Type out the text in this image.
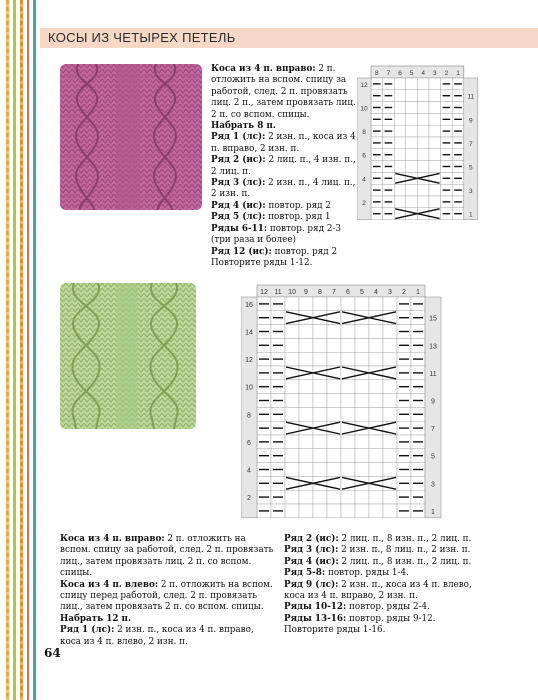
КОСЫ ИЗ ЧЕТЫРЕХ ПЕТЕЛЬ

Коса из 4 п. вправо: 2 п. отложить на вспом. спицу за работой, след. 2 п. провязать лиц. 2 п., затем провязать лиц. 2 п. со вспом. спицы.

Набрать 8 п.

Ряд 1 (лс): 2 изн. п., коса из 4 п. вправо, 2 изн. п.

Ряд 2 (ис): 2 лиц. п., 4 изн. п., 2 лиц. п.

Ряд 3 (лс): 2 изн. п., 4 лиц. п., 2 изн. п.

Ряд 4 (ис): повтор. ряд 2

Ряд 5 (лс): повтор. ряд 1

Ряды 6-11: повтор. ряд 2-3 (три раза и более)

Ряд 12 (ис): повтор. ряд 2

Повторите ряды 1-12.

8 7 6 5 4 3 2 1
12
10
8
6
4
2
11
9
7
5
3
1
12 11 10 9 8 7 6 5 4 3 2 1
16
14
12
10
8
6
4
2
15
13
11
9
7
5
3
1

Коса из 4 п. вправо: 2 п. отложить на вспом. спицу за работой, след. 2 п. провязать лиц., затем провязать лиц. 2 п. со вспом. спицы.

Коса из 4 п. влево: 2 п. отложить на вспом. спицу перед работой, след. 2 п. провязать лиц., затем провязать 2 п. со вспом. спицы.

Набрать 12 п.

Ряд 1 (лс): 2 изн. п., коса из 4 п. вправо, коса из 4 п. влево, 2 изн. п.

Ряд 2 (ис): 2 лиц. п., 8 изн. п., 2 лиц. п.

Ряд 3 (лс): 2 изн. п., 8 лиц. п., 2 изн. п.

Ряд 4 (ис): 2 лиц. п., 8 изн. п., 2 лиц. п.

Ряд 5-8: повтор. ряды 1-4.

Ряд 9 (лс): 2 изн. п., коса из 4 п. влево, коса из 4 п. вправо, 2 изн. п.

Ряды 10-12: повтор. ряды 2-4.

Ряды 13-16: повтор. ряды 9-12.

Повторите ряды 1-16.

64
